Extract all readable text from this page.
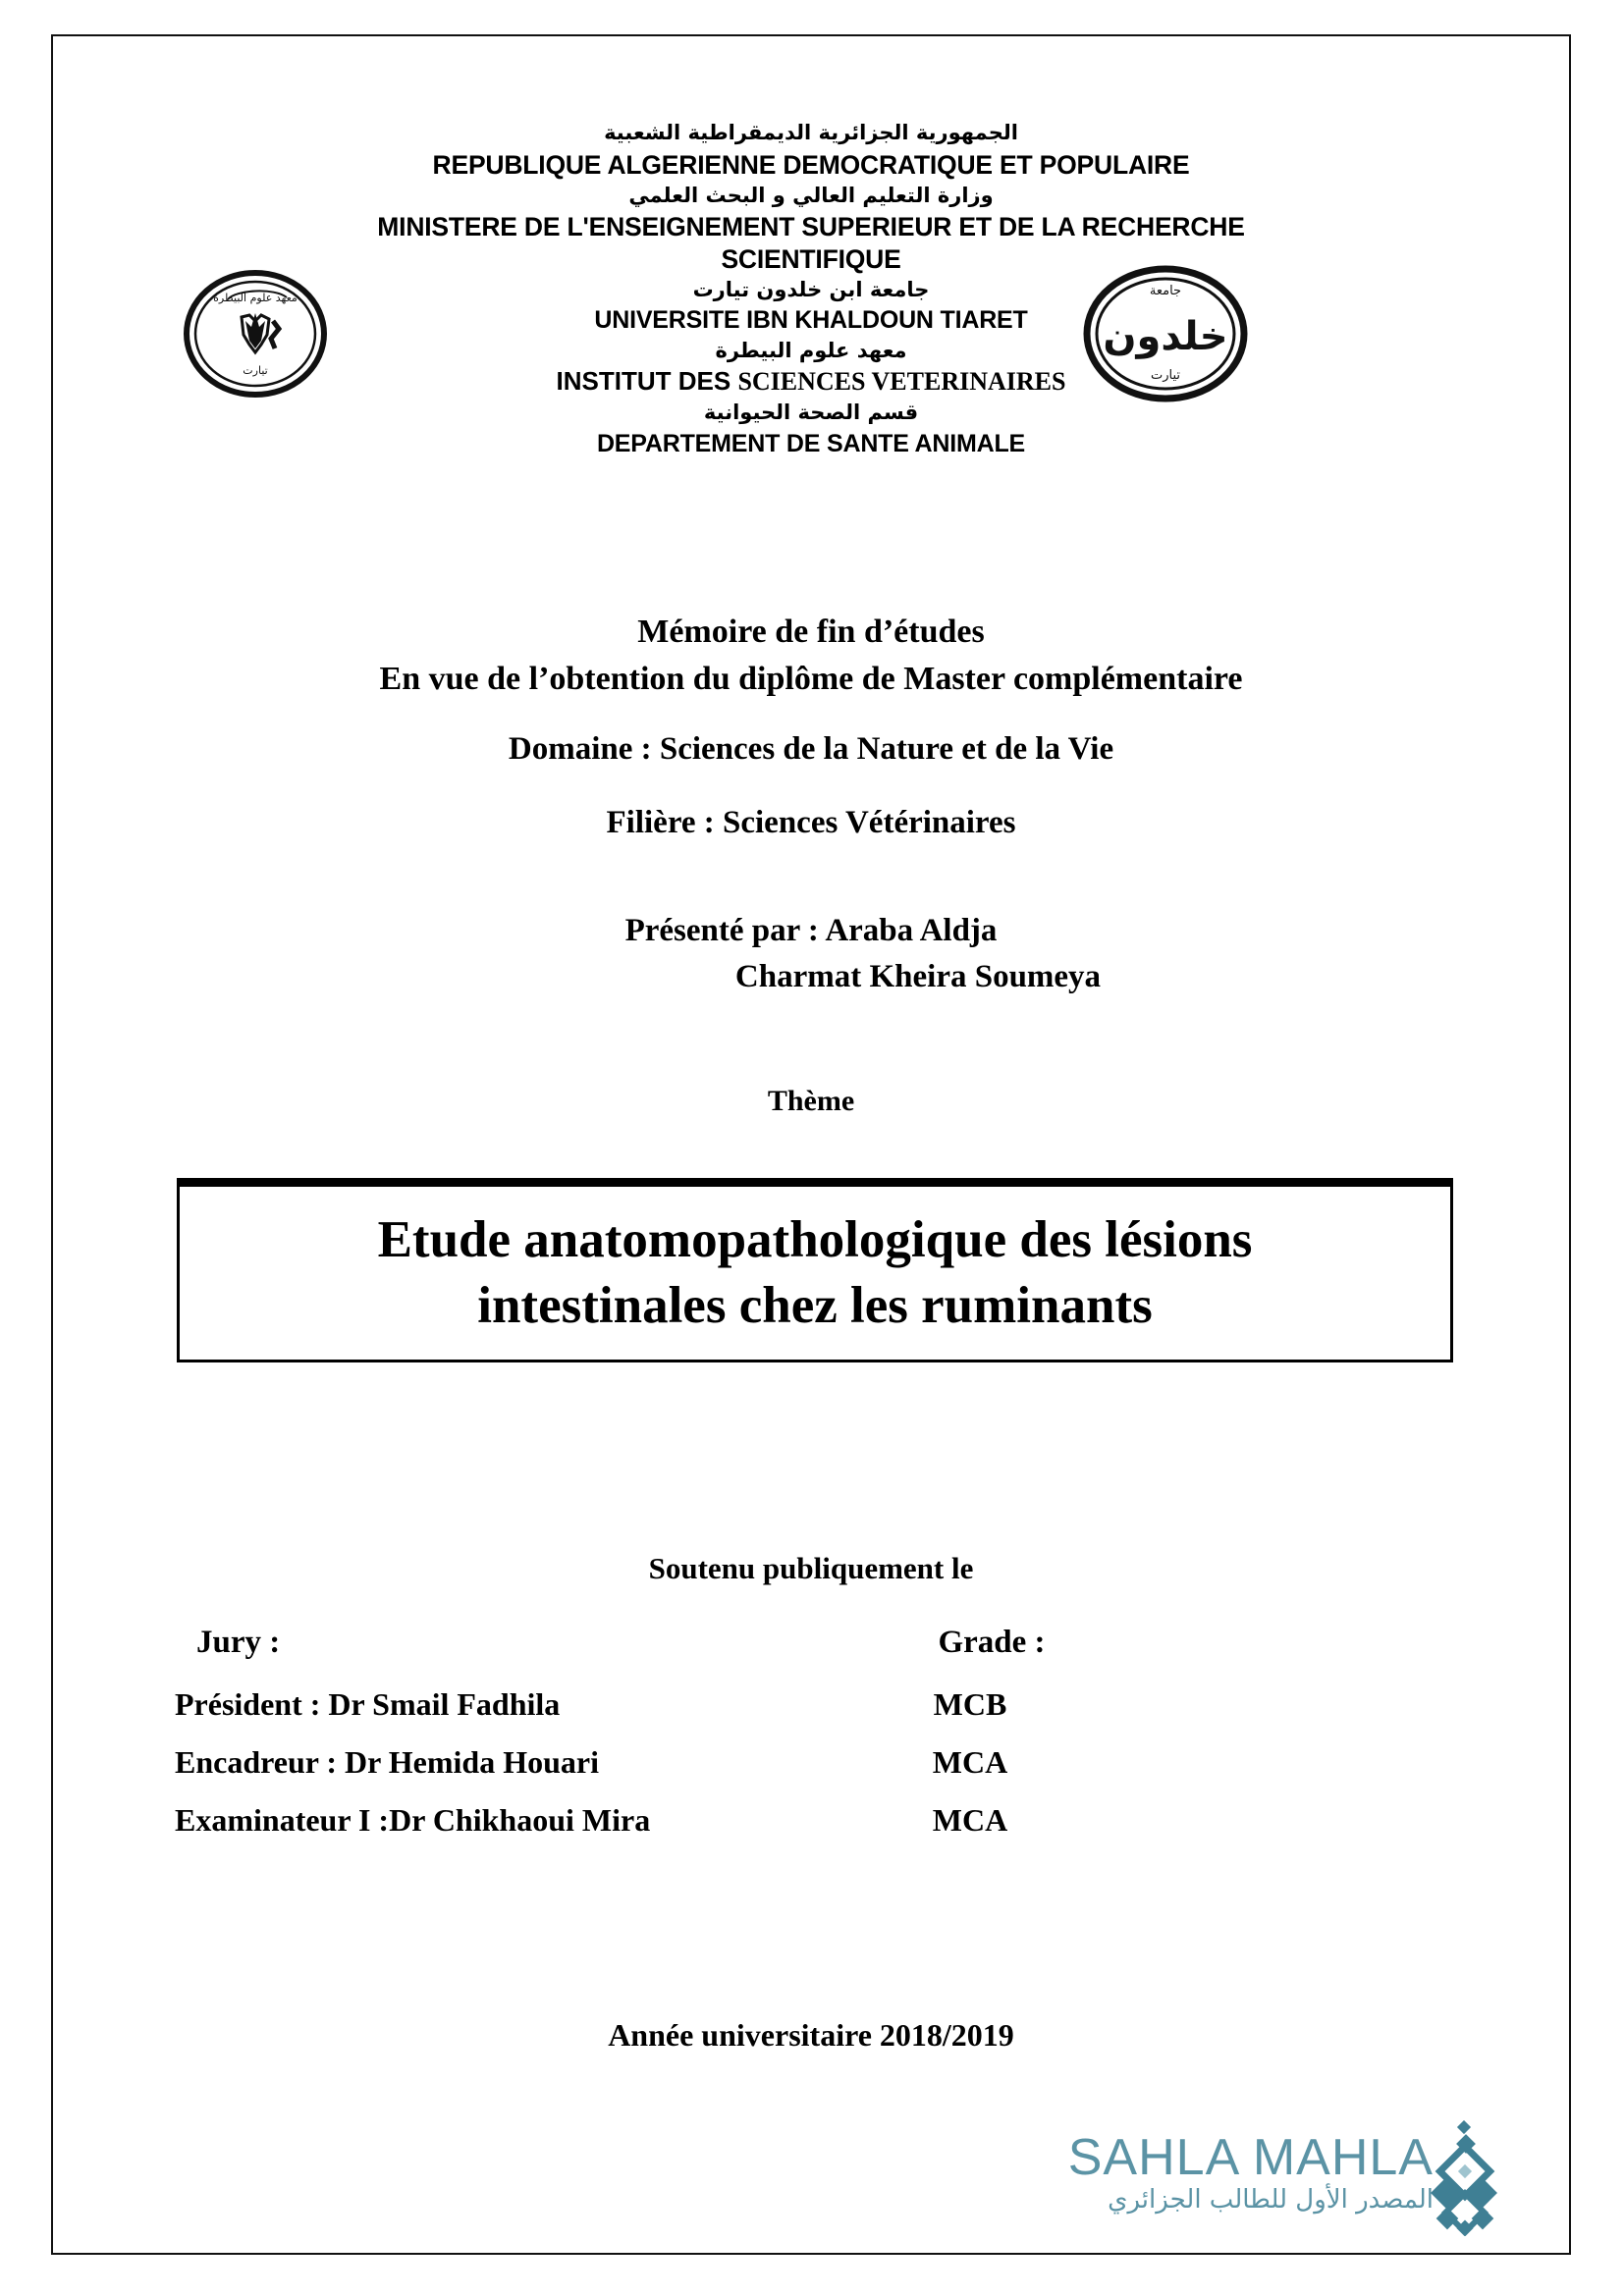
الجمهورية الجزائرية الديمقراطية الشعبية
REPUBLIQUE ALGERIENNE DEMOCRATIQUE ET POPULAIRE
وزارة التعليم العالي و البحث العلمي
MINISTERE DE L'ENSEIGNEMENT SUPERIEUR ET DE LA RECHERCHE
SCIENTIFIQUE
جامعة ابن خلدون تيارت
UNIVERSITE IBN KHALDOUN TIARET
معهد علوم البيطرة
INSTITUT DES SCIENCES VETERINAIRES
قسم الصحة الحيوانية
DEPARTEMENT DE SANTE ANIMALE
معهد علوم البيطرة
تيارت
جامعة
خلدون
تيارت
Mémoire de fin d’études
En vue de l’obtention du diplôme de Master complémentaire
Domaine : Sciences de la Nature et de la Vie
Filière : Sciences Vétérinaires
Présenté par : Araba Aldja
Charmat Kheira Soumeya
Thème
Etude anatomopathologique des lésions
intestinales chez les ruminants
Soutenu publiquement le
Jury :	Grade :
Président : Dr Smail Fadhila	MCB
Encadreur : Dr Hemida Houari	MCA
Examinateur I :Dr Chikhaoui Mira	MCA
Année universitaire 2018/2019
SAHLA MAHLA
المصدر الأول للطالب الجزائري
